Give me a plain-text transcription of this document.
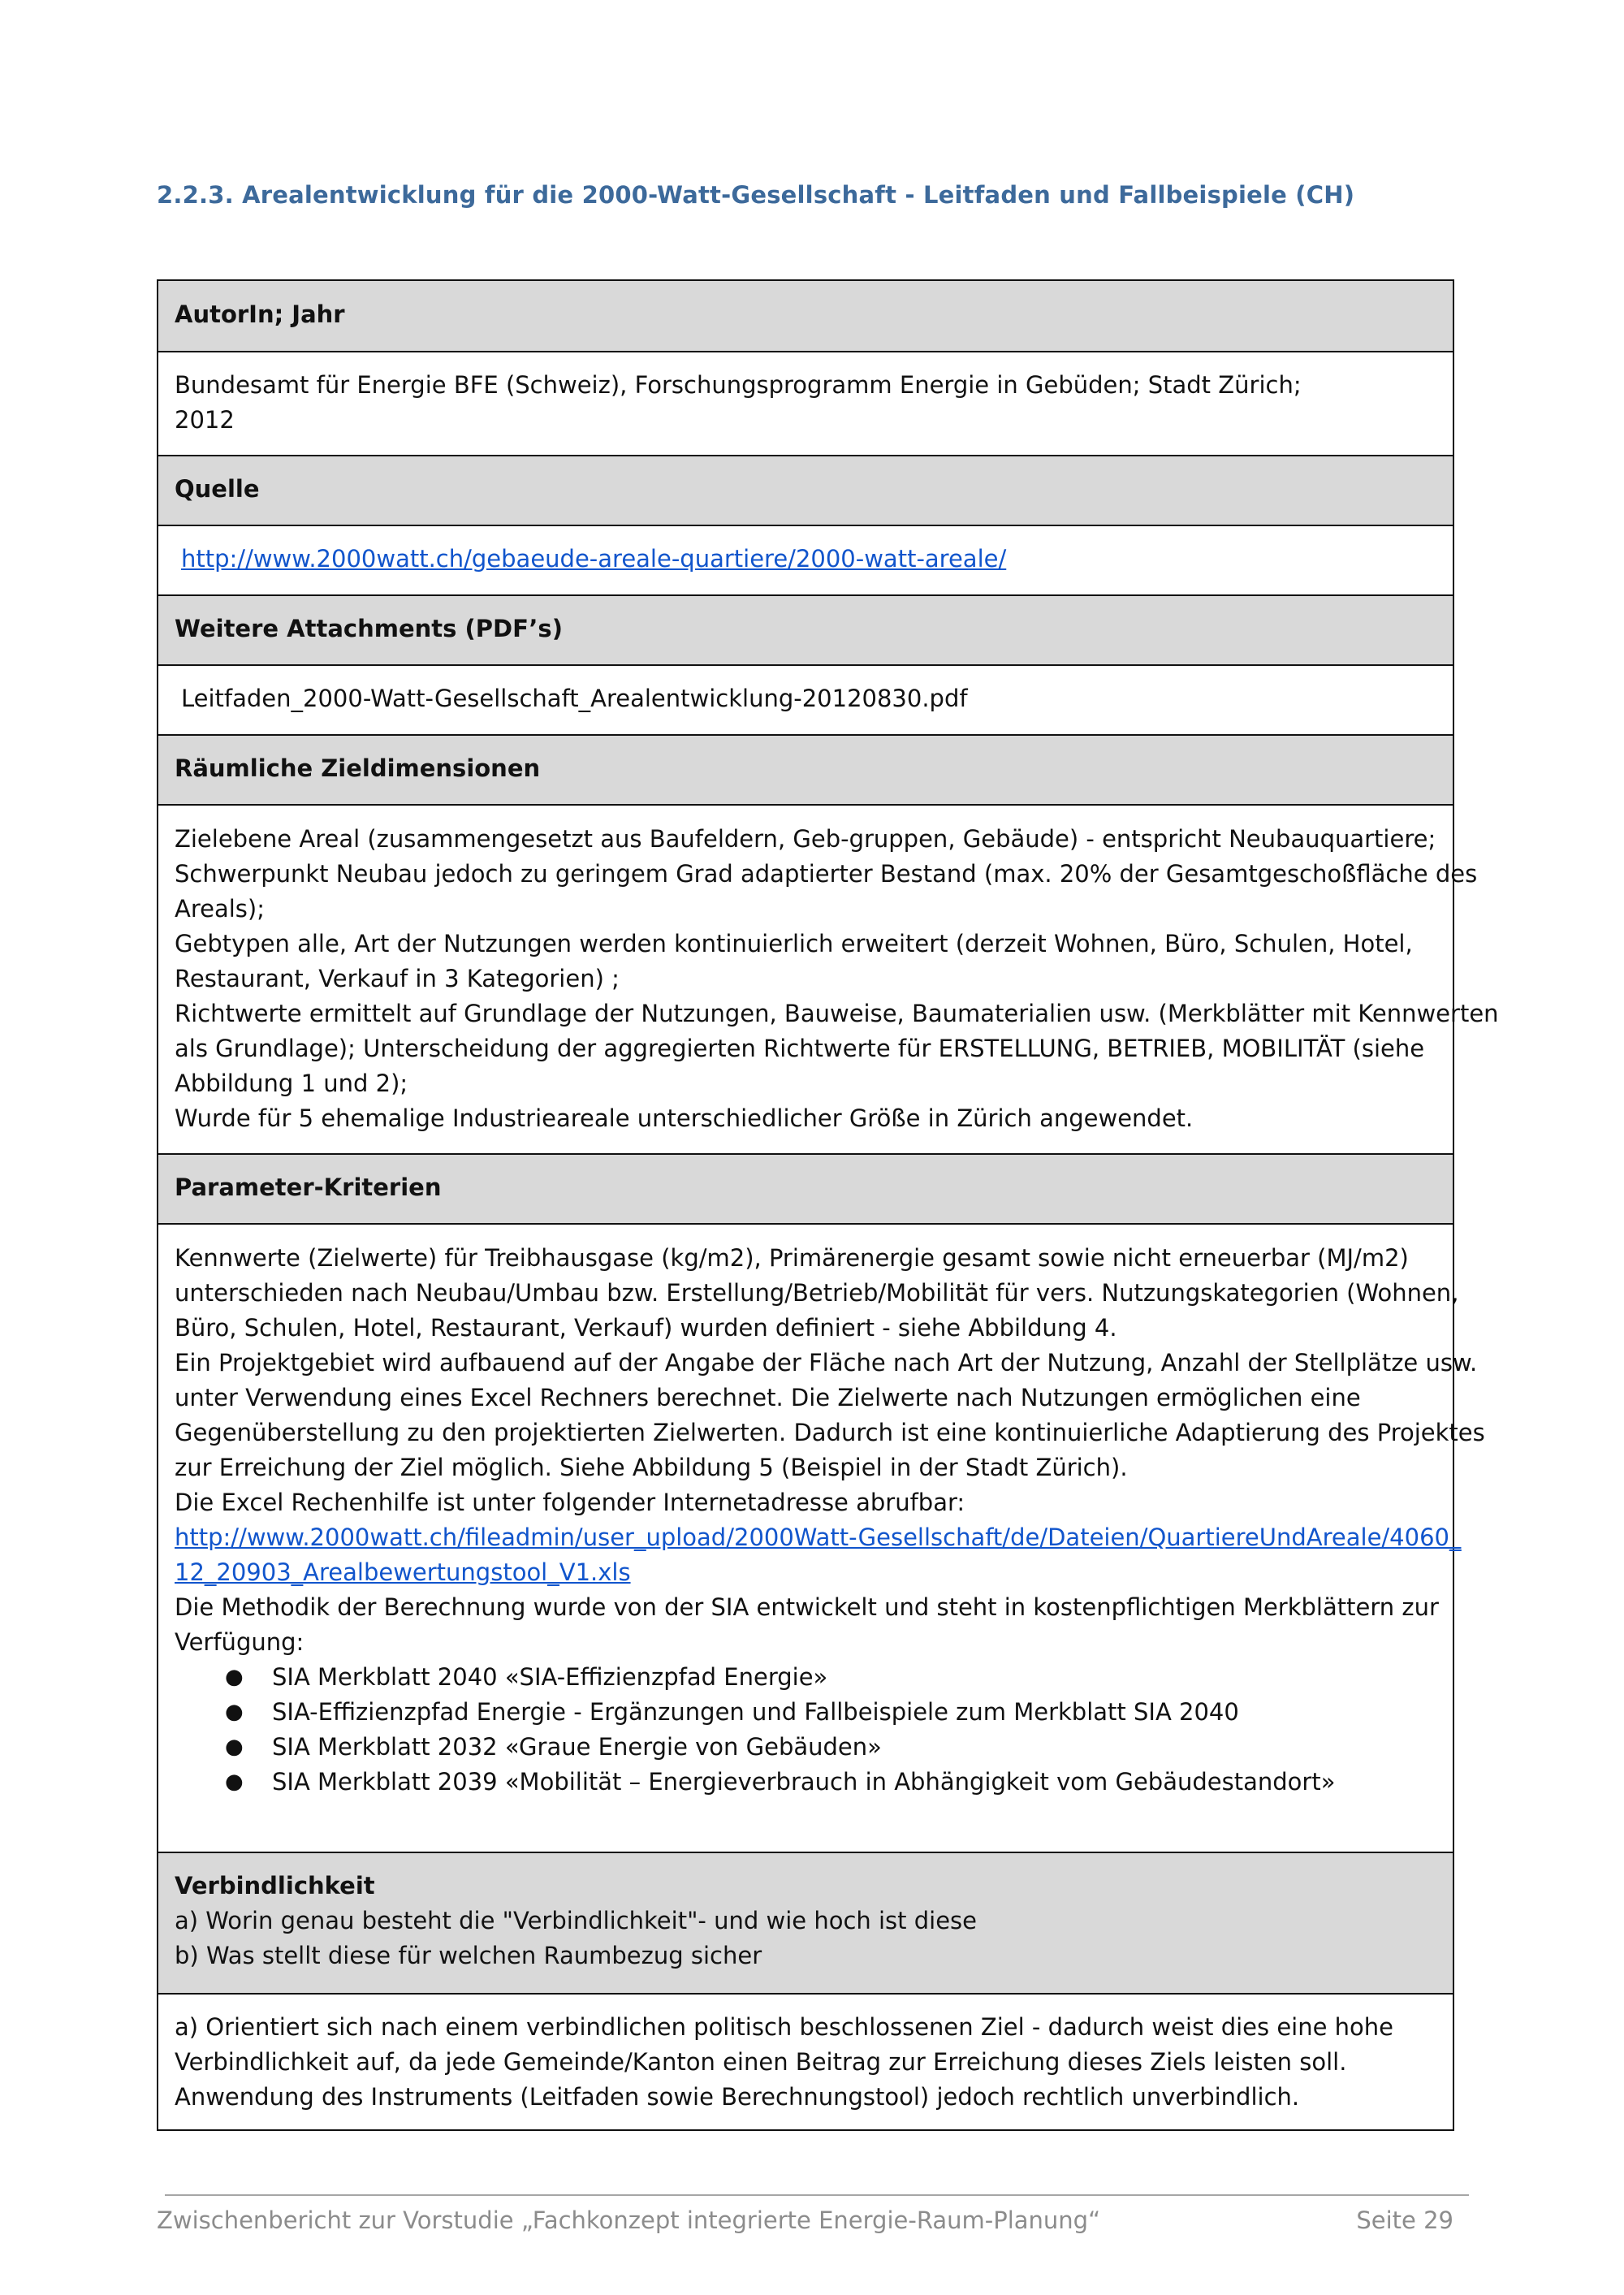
2.2.3. Arealentwicklung für die 2000-Watt-Gesellschaft - Leitfaden und Fallbeispiele (CH)
AutorIn; Jahr
Bundesamt für Energie BFE (Schweiz), Forschungsprogramm Energie in Gebüden; Stadt Zürich;
2012
Quelle
http://www.2000watt.ch/gebaeude-areale-quartiere/2000-watt-areale/
Weitere Attachments (PDF’s)
Leitfaden_2000-Watt-Gesellschaft_Arealentwicklung-20120830.pdf
Räumliche Zieldimensionen
Zielebene Areal (zusammengesetzt aus Baufeldern, Geb-gruppen, Gebäude) - entspricht Neubauquartiere;
Schwerpunkt Neubau jedoch zu geringem Grad adaptierter Bestand (max. 20% der Gesamtgeschoßfläche des
Areals);
Gebtypen alle, Art der Nutzungen werden kontinuierlich erweitert (derzeit Wohnen, Büro, Schulen, Hotel,
Restaurant, Verkauf in 3 Kategorien) ;
Richtwerte ermittelt auf Grundlage der Nutzungen, Bauweise, Baumaterialien usw. (Merkblätter mit Kennwerten
als Grundlage); Unterscheidung der aggregierten Richtwerte für ERSTELLUNG, BETRIEB, MOBILITÄT (siehe
Abbildung 1 und 2);
Wurde für 5 ehemalige Industrieareale unterschiedlicher Größe in Zürich angewendet.
Parameter-Kriterien
Kennwerte (Zielwerte) für Treibhausgase (kg/m2), Primärenergie gesamt sowie nicht erneuerbar (MJ/m2)
unterschieden nach Neubau/Umbau bzw. Erstellung/Betrieb/Mobilität für vers. Nutzungskategorien (Wohnen,
Büro, Schulen, Hotel, Restaurant, Verkauf) wurden definiert - siehe Abbildung 4.
Ein Projektgebiet wird aufbauend auf der Angabe der Fläche nach Art der Nutzung, Anzahl der Stellplätze usw.
unter Verwendung eines Excel Rechners berechnet. Die Zielwerte nach Nutzungen ermöglichen eine
Gegenüberstellung zu den projektierten Zielwerten. Dadurch ist eine kontinuierliche Adaptierung des Projektes
zur Erreichung der Ziel möglich. Siehe Abbildung 5 (Beispiel in der Stadt Zürich).
Die Excel Rechenhilfe ist unter folgender Internetadresse abrufbar:
http://www.2000watt.ch/fileadmin/user_upload/2000Watt-Gesellschaft/de/Dateien/QuartiereUndAreale/4060_
12_20903_Arealbewertungstool_V1.xls
Die Methodik der Berechnung wurde von der SIA entwickelt und steht in kostenpflichtigen Merkblättern zur
Verfügung:
● SIA Merkblatt 2040 «SIA-Effizienzpfad Energie»
● SIA-Effizienzpfad Energie - Ergänzungen und Fallbeispiele zum Merkblatt SIA 2040
● SIA Merkblatt 2032 «Graue Energie von Gebäuden»
● SIA Merkblatt 2039 «Mobilität – Energieverbrauch in Abhängigkeit vom Gebäudestandort»
Verbindlichkeit
a) Worin genau besteht die "Verbindlichkeit"- und wie hoch ist diese
b) Was stellt diese für welchen Raumbezug sicher
a) Orientiert sich nach einem verbindlichen politisch beschlossenen Ziel - dadurch weist dies eine hohe
Verbindlichkeit auf, da jede Gemeinde/Kanton einen Beitrag zur Erreichung dieses Ziels leisten soll.
Anwendung des Instruments (Leitfaden sowie Berechnungstool) jedoch rechtlich unverbindlich.
Zwischenbericht zur Vorstudie „Fachkonzept integrierte Energie-Raum-Planung“	Seite 29
